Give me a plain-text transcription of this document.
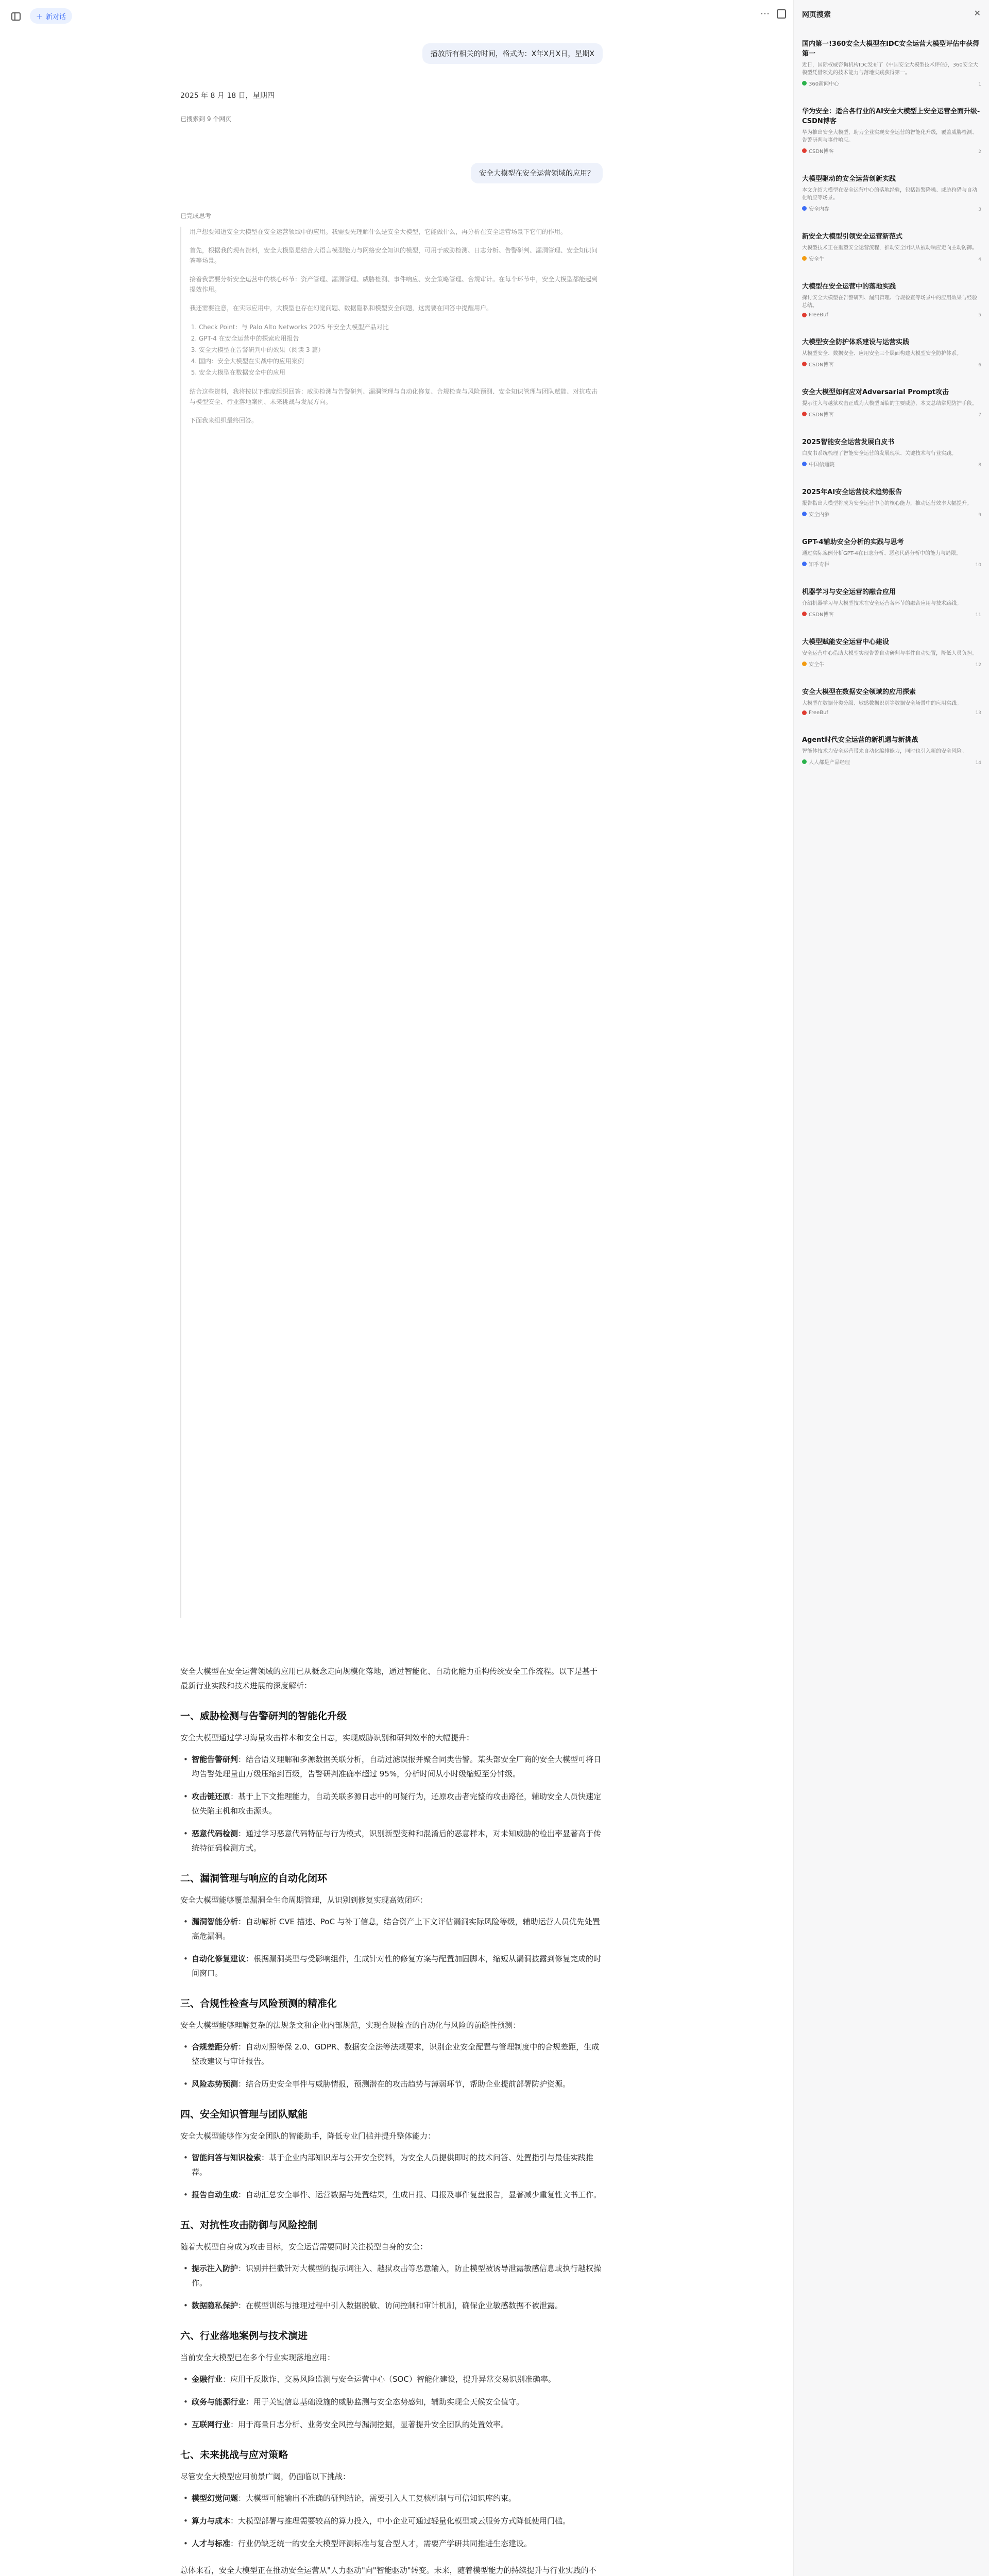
＋ 新对话	⋯
播放所有相关的时间，格式为：X年X月X日，星期X
2025 年 8 月 18 日，星期四
已搜索到 9 个网页
安全大模型在安全运营领域的应用？
已完成思考

用户想要知道安全大模型在安全运营领域中的应用。我需要先理解什么是安全大模型，它能做什么，再分析在安全运营场景下它们的作用。

首先，根据我的现有资料，安全大模型是结合大语言模型能力与网络安全知识的模型，可用于威胁检测、日志分析、告警研判、漏洞管理、安全知识问答等场景。

接着我需要分析安全运营中的核心环节：资产管理、漏洞管理、威胁检测、事件响应、安全策略管理、合规审计。在每个环节中，安全大模型都能起到提效作用。

我还需要注意，在实际应用中，大模型也存在幻觉问题、数据隐私和模型安全问题，这需要在回答中提醒用户。

1. Check Point：与 Palo Alto Networks 2025 年安全大模型产品对比
2. GPT-4 在安全运营中的探索应用报告
3. 安全大模型在告警研判中的效果（阅读 3 篇）
4. 国内：安全大模型在实战中的应用案例
5. 安全大模型在数据安全中的应用

结合这些资料，我将按以下维度组织回答：威胁检测与告警研判、漏洞管理与自动化修复、合规检查与风险预测、安全知识管理与团队赋能、对抗攻击与模型安全、行业落地案例、未来挑战与发展方向。

下面我来组织最终回答。

安全大模型在安全运营领域的应用已从概念走向规模化落地，通过智能化、自动化能力重构传统安全工作流程。以下是基于最新行业实践和技术进展的深度解析：

一、威胁检测与告警研判的智能化升级

安全大模型通过学习海量攻击样本和安全日志，实现威胁识别和研判效率的大幅提升：

• 智能告警研判：结合语义理解和多源数据关联分析，自动过滤误报并聚合同类告警。某头部安全厂商的安全大模型可将日均告警处理量由万级压缩到百级，告警研判准确率超过 95%，分析时间从小时级缩短至分钟级。
• 攻击链还原：基于上下文推理能力，自动关联多源日志中的可疑行为，还原攻击者完整的攻击路径，辅助安全人员快速定位失陷主机和攻击源头。
• 恶意代码检测：通过学习恶意代码特征与行为模式，识别新型变种和混淆后的恶意样本，对未知威胁的检出率显著高于传统特征码检测方式。
二、漏洞管理与响应的自动化闭环

安全大模型能够覆盖漏洞全生命周期管理，从识别到修复实现高效闭环：

• 漏洞智能分析：自动解析 CVE 描述、PoC 与补丁信息，结合资产上下文评估漏洞实际风险等级，辅助运营人员优先处置高危漏洞。
• 自动化修复建议：根据漏洞类型与受影响组件，生成针对性的修复方案与配置加固脚本，缩短从漏洞披露到修复完成的时间窗口。
三、合规性检查与风险预测的精准化

安全大模型能够理解复杂的法规条文和企业内部规范，实现合规检查的自动化与风险的前瞻性预测：

• 合规差距分析：自动对照等保 2.0、GDPR、数据安全法等法规要求，识别企业安全配置与管理制度中的合规差距，生成整改建议与审计报告。
• 风险态势预测：结合历史安全事件与威胁情报，预测潜在的攻击趋势与薄弱环节，帮助企业提前部署防护资源。
四、安全知识管理与团队赋能

安全大模型能够作为安全团队的智能助手，降低专业门槛并提升整体能力：

• 智能问答与知识检索：基于企业内部知识库与公开安全资料，为安全人员提供即时的技术问答、处置指引与最佳实践推荐。
• 报告自动生成：自动汇总安全事件、运营数据与处置结果，生成日报、周报及事件复盘报告，显著减少重复性文书工作。
五、对抗性攻击防御与风险控制

随着大模型自身成为攻击目标，安全运营需要同时关注模型自身的安全：

• 提示注入防护：识别并拦截针对大模型的提示词注入、越狱攻击等恶意输入，防止模型被诱导泄露敏感信息或执行越权操作。
• 数据隐私保护：在模型训练与推理过程中引入数据脱敏、访问控制和审计机制，确保企业敏感数据不被泄露。
六、行业落地案例与技术演进

当前安全大模型已在多个行业实现落地应用：

• 金融行业：应用于反欺诈、交易风险监测与安全运营中心（SOC）智能化建设，提升异常交易识别准确率。
• 政务与能源行业：用于关键信息基础设施的威胁监测与安全态势感知，辅助实现全天候安全值守。
• 互联网行业：用于海量日志分析、业务安全风控与漏洞挖掘，显著提升安全团队的处置效率。
七、未来挑战与应对策略

尽管安全大模型应用前景广阔，仍面临以下挑战：

• 模型幻觉问题：大模型可能输出不准确的研判结论，需要引入人工复核机制与可信知识库约束。
• 算力与成本：大模型部署与推理需要较高的算力投入，中小企业可通过轻量化模型或云服务方式降低使用门槛。
• 人才与标准：行业仍缺乏统一的安全大模型评测标准与复合型人才，需要产学研共同推进生态建设。

总体来看，安全大模型正在推动安全运营从"人力驱动"向"智能驱动"转变。未来，随着模型能力的持续提升与行业实践的不

网页搜索	✕
国内第一!360安全大模型在IDC安全运营大模型评估中获得第一
近日，国际权威咨询机构IDC发布了《中国安全大模型技术评估》，360安全大模型凭借领先的技术能力与落地实践获得第一。
360新闻中心	1
华为安全：适合各行业的AI安全大模型上安全运营全面升级-CSDN博客
华为推出安全大模型，助力企业实现安全运营的智能化升级，覆盖威胁检测、告警研判与事件响应。
CSDN博客	2
大模型驱动的安全运营创新实践
本文介绍大模型在安全运营中心的落地经验，包括告警降噪、威胁狩猎与自动化响应等场景。
安全内参	3
新安全大模型引领安全运营新范式
大模型技术正在重塑安全运营流程，推动安全团队从被动响应走向主动防御。
安全牛	4
大模型在安全运营中的落地实践
探讨安全大模型在告警研判、漏洞管理、合规检查等场景中的应用效果与经验总结。
FreeBuf	5
大模型安全防护体系建设与运营实践
从模型安全、数据安全、应用安全三个层面构建大模型安全防护体系。
CSDN博客	6
安全大模型如何应对Adversarial Prompt攻击
提示注入与越狱攻击正成为大模型面临的主要威胁，本文总结常见防护手段。
CSDN博客	7
2025智能安全运营发展白皮书
白皮书系统梳理了智能安全运营的发展现状、关键技术与行业实践。
中国信通院	8
2025年AI安全运营技术趋势报告
报告指出大模型将成为安全运营中心的核心能力，推动运营效率大幅提升。
安全内参	9
GPT-4辅助安全分析的实践与思考
通过实际案例分析GPT-4在日志分析、恶意代码分析中的能力与局限。
知乎专栏	10
机器学习与安全运营的融合应用
介绍机器学习与大模型技术在安全运营各环节的融合应用与技术路线。
CSDN博客	11
大模型赋能安全运营中心建设
安全运营中心借助大模型实现告警自动研判与事件自动处置，降低人员负担。
安全牛	12
安全大模型在数据安全领域的应用探索
大模型在数据分类分级、敏感数据识别等数据安全场景中的应用实践。
FreeBuf	13
Agent时代安全运营的新机遇与新挑战
智能体技术为安全运营带来自动化编排能力，同时也引入新的安全风险。
人人都是产品经理	14
